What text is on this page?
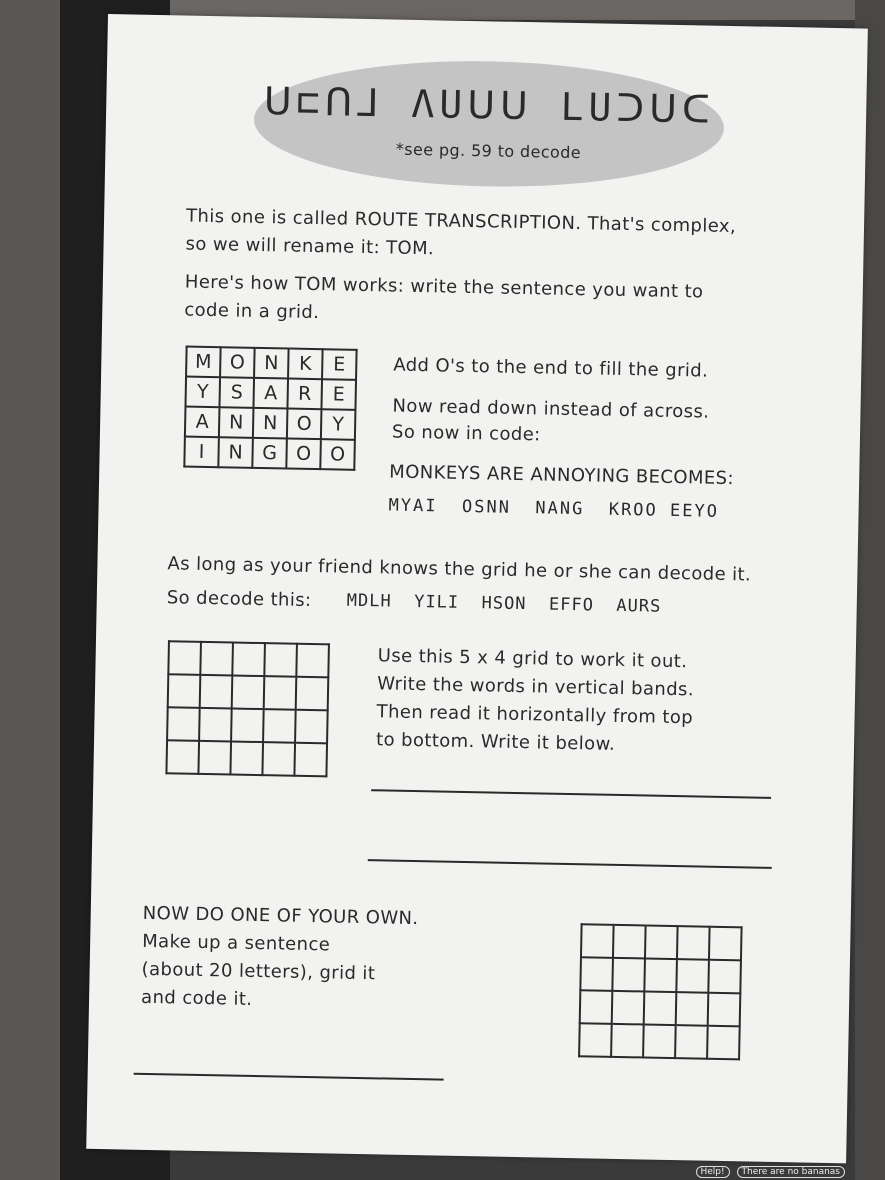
ᑌ⊏ᑎ⅃ ΛUᑌᑌ LUᑐᑌᑕ
*see pg. 59 to decode
This one is called ROUTE TRANSCRIPTION. That's complex,
so we will rename it: TOM.
Here's how TOM works: write the sentence you want to
code in a grid.
M	O	N	K	E
Y	S	A	R	E
A	N	N	O	Y
I	N	G	O	O
Add O's to the end to fill the grid.
Now read down instead of across.
So now in code:
MONKEYS ARE ANNOYING BECOMES:
MYAI  OSNN  NANG  KROO EEYO
As long as your friend knows the grid he or she can decode it.
So decode this: MDLH  YILI  HSON  EFFO  AURS

Use this 5 x 4 grid to work it out.
Write the words in vertical bands.
Then read it horizontally from top
to bottom. Write it below.
NOW DO ONE OF YOUR OWN.
Make up a sentence
(about 20 letters), grid it
and code it.

Help! There are no bananas
